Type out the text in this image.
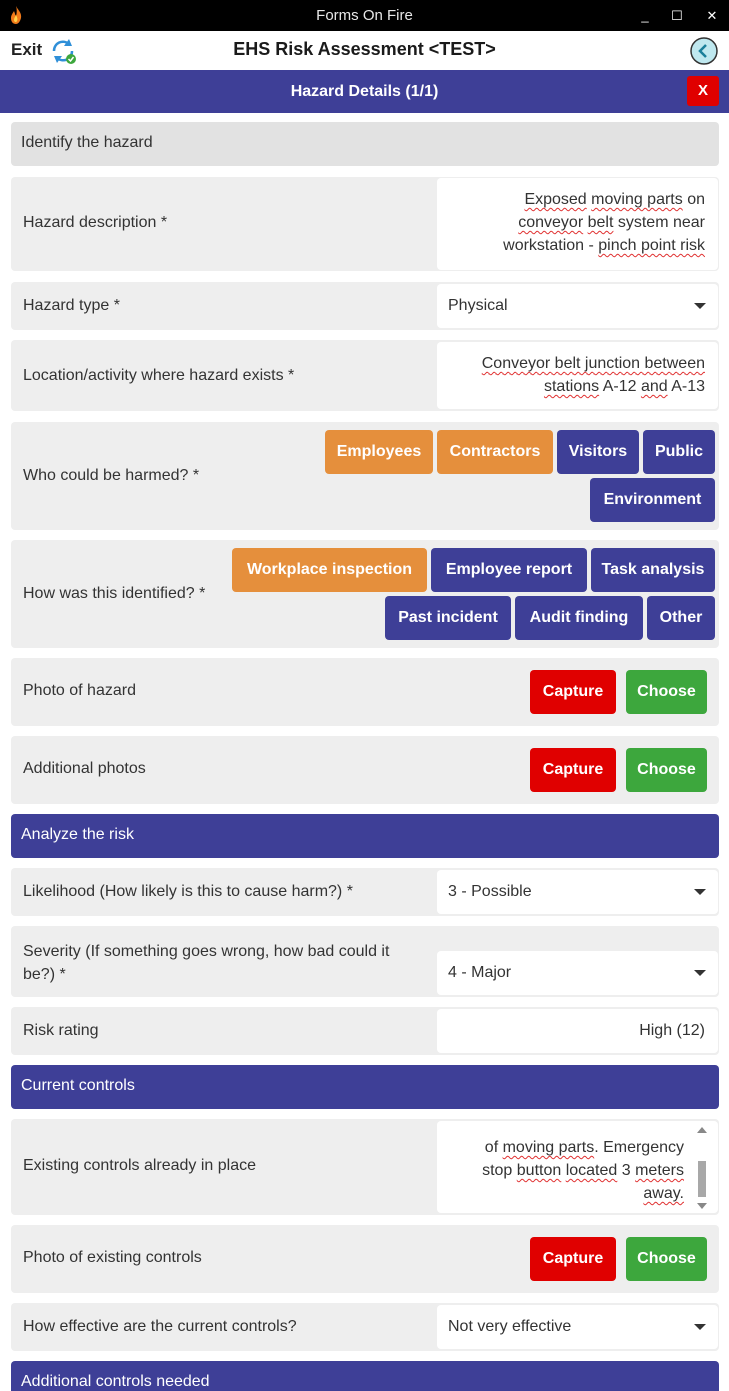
Forms On Fire	_	☐	✕
Exit	EHS Risk Assessment <TEST>
Hazard Details (1/1)	X
Identify the hazard
Hazard description *
Exposed moving parts on
conveyor belt system near
workstation - pinch point risk
Hazard type *	Physical
Location/activity where hazard exists *
Conveyor belt junction between
stations A-12 and A-13
Who could be harmed? *
Employees	Contractors	Visitors	Public
Environment
How was this identified? *
Workplace inspection	Employee report	Task analysis
Past incident	Audit finding	Other
Photo of hazard	Capture	Choose
Additional photos	Capture	Choose
Analyze the risk
Likelihood (How likely is this to cause harm?) *	3 - Possible
Severity (If something goes wrong, how bad could it
be?) *	4 - Major
Risk rating	High (12)
Current controls
Existing controls already in place

of moving parts. Emergency
stop button located 3 meters
away.
Photo of existing controls	Capture	Choose
How effective are the current controls?	Not very effective
Additional controls needed
